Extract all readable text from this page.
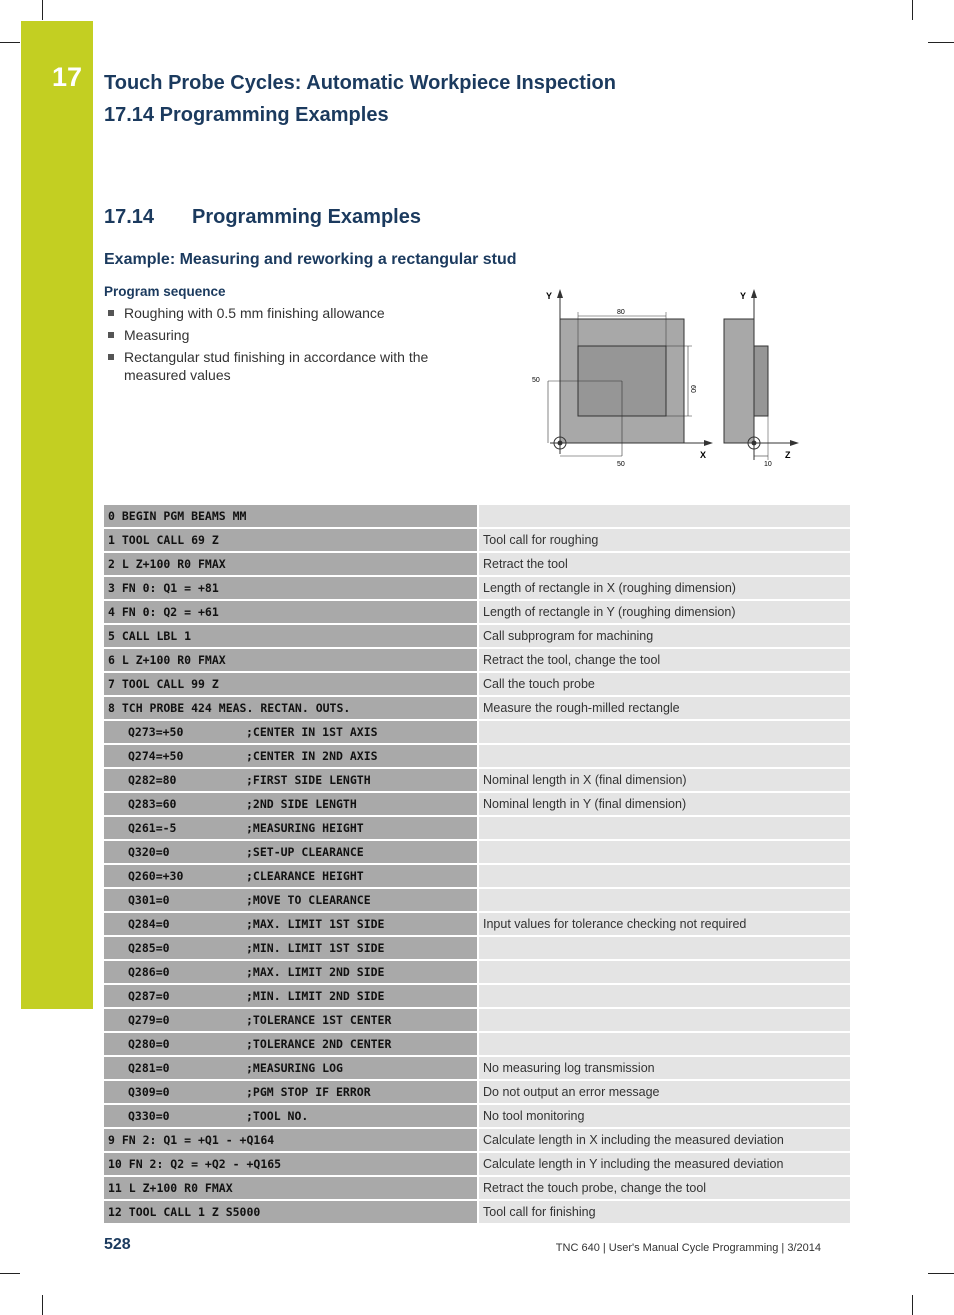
17 Touch Probe Cycles: Automatic Workpiece Inspection
17.14 Programming Examples
17.14 Programming Examples
Example: Measuring and reworking a rectangular stud
Program sequence
Roughing with 0.5 mm finishing allowance
Measuring
Rectangular stud finishing in accordance with the measured values
Y
X
80
60
50
50
Y
Z
10
0 BEGIN PGM BEAMS MM	
1 TOOL CALL 69 Z	Tool call for roughing
2 L Z+100 R0 FMAX	Retract the tool
3 FN 0: Q1 = +81	Length of rectangle in X (roughing dimension)
4 FN 0: Q2 = +61	Length of rectangle in Y (roughing dimension)
5 CALL LBL 1	Call subprogram for machining
6 L Z+100 R0 FMAX	Retract the tool, change the tool
7 TOOL CALL 99 Z	Call the touch probe
8 TCH PROBE 424 MEAS. RECTAN. OUTS.	Measure the rough-milled rectangle
Q273=+50 ;CENTER IN 1ST AXIS	
Q274=+50 ;CENTER IN 2ND AXIS	
Q282=80 ;FIRST SIDE LENGTH	Nominal length in X (final dimension)
Q283=60 ;2ND SIDE LENGTH	Nominal length in Y (final dimension)
Q261=-5 ;MEASURING HEIGHT	
Q320=0 ;SET-UP CLEARANCE	
Q260=+30 ;CLEARANCE HEIGHT	
Q301=0 ;MOVE TO CLEARANCE	
Q284=0 ;MAX. LIMIT 1ST SIDE	Input values for tolerance checking not required
Q285=0 ;MIN. LIMIT 1ST SIDE	
Q286=0 ;MAX. LIMIT 2ND SIDE	
Q287=0 ;MIN. LIMIT 2ND SIDE	
Q279=0 ;TOLERANCE 1ST CENTER	
Q280=0 ;TOLERANCE 2ND CENTER	
Q281=0 ;MEASURING LOG	No measuring log transmission
Q309=0 ;PGM STOP IF ERROR	Do not output an error message
Q330=0 ;TOOL NO.	No tool monitoring
9 FN 2: Q1 = +Q1 - +Q164	Calculate length in X including the measured deviation
10 FN 2: Q2 = +Q2 - +Q165	Calculate length in Y including the measured deviation
11 L Z+100 R0 FMAX	Retract the touch probe, change the tool
12 TOOL CALL 1 Z S5000	Tool call for finishing
528	TNC 640 | User's Manual Cycle Programming | 3/2014
